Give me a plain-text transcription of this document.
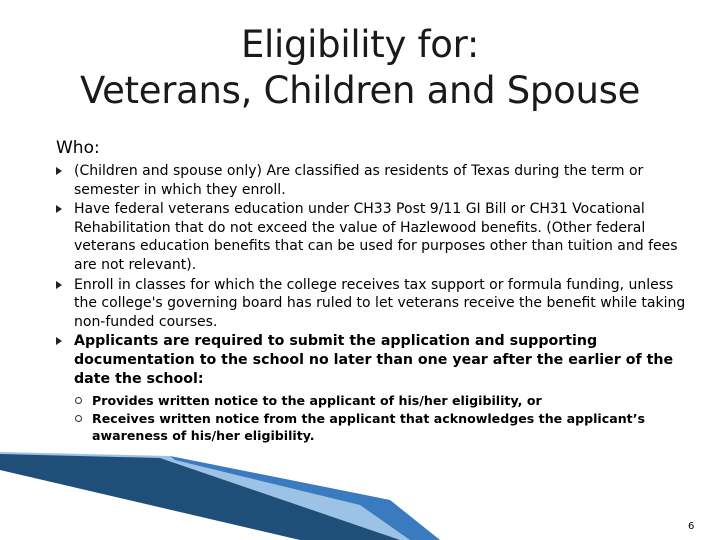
Eligibility for:
Veterans, Children and Spouse
Who:
(Children and spouse only) Are classified as residents of Texas during the term or semester in which they enroll.
Have federal veterans education under CH33 Post 9/11 GI Bill or CH31 Vocational Rehabilitation that do not exceed the value of Hazlewood benefits. (Other federal veterans education benefits that can be used for purposes other than tuition and fees are not relevant).
Enroll in classes for which the college receives tax support or formula funding, unless the college's governing board has ruled to let veterans receive the benefit while taking non-funded courses.
Applicants are required to submit the application and supporting documentation to the school no later than one year after the earlier of the date the school:
Provides written notice to the applicant of his/her eligibility, or
Receives written notice from the applicant that acknowledges the applicant’s awareness of his/her eligibility.
6
